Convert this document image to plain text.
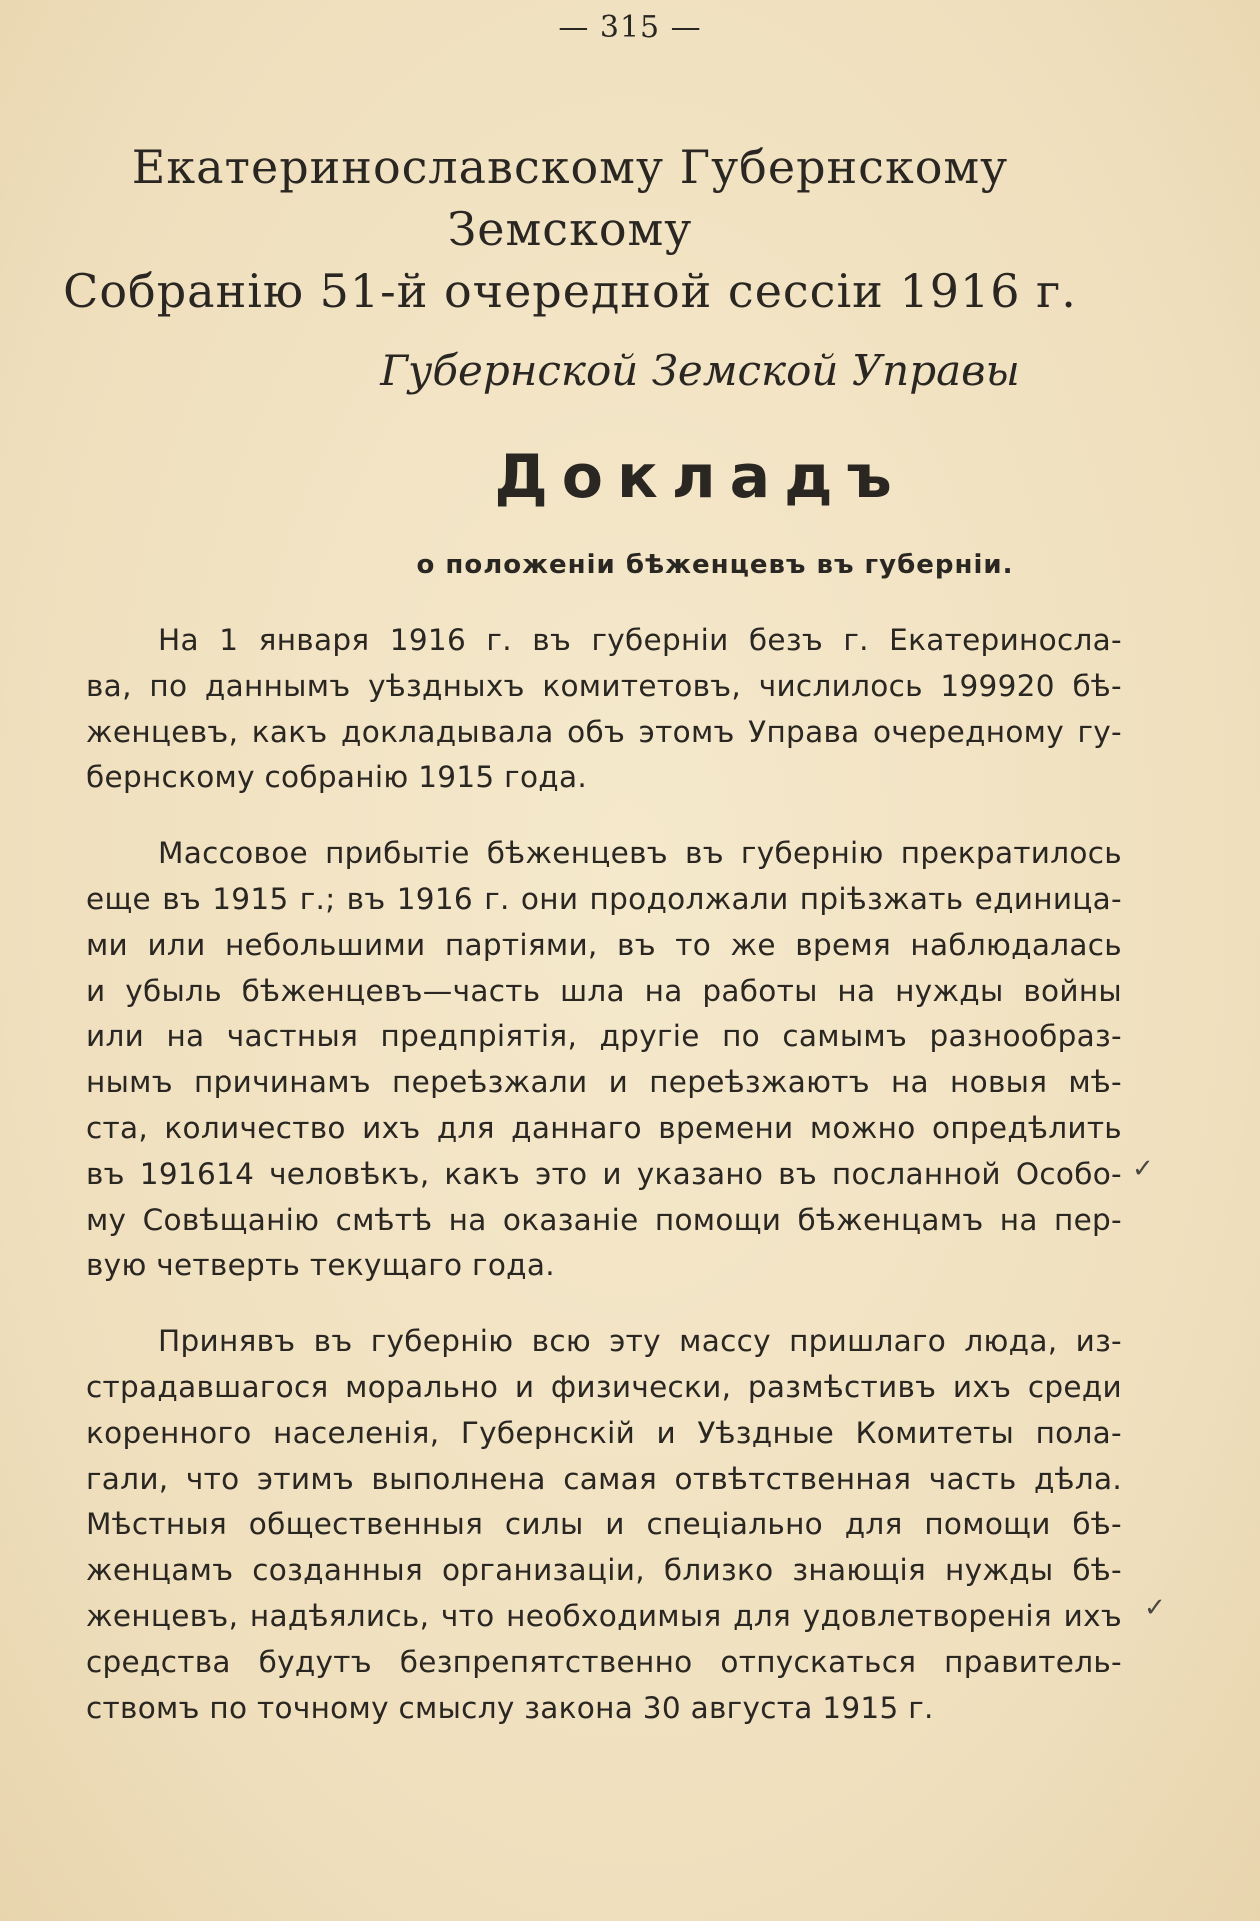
— 315 —
Екатеринославскому Губернскому Земскому
Собранію 51-й очередной сессіи 1916 г.
Губернской Земской Управы
Докладъ
о положеніи бѣженцевъ въ губерніи.

На 1 января 1916 г. въ губерніи безъ г. Екатеринoсла-
ва, по даннымъ уѣздныхъ комитетовъ, числилось 199920 бѣ-
женцевъ, какъ докладывала объ этомъ Управа очередному гу-
бернскому собранію 1915 года.

Массовое прибытіе бѣженцевъ въ губернію прекратилось
еще въ 1915 г.; въ 1916 г. они продолжали пріѣзжать единица-
ми или небольшими партіями, въ то же время наблюдалась
и убыль бѣженцевъ—часть шла на работы на нужды войны
или на частныя предпріятія, другіе по самымъ разнообраз-
нымъ причинамъ переѣзжали и переѣзжаютъ на новыя мѣ-
ста, количество ихъ для даннаго времени можно опредѣлить
въ 191614 человѣкъ, какъ это и указано въ посланной Особо-
му Совѣщанію смѣтѣ на оказаніе помощи бѣженцамъ на пер-
вую четверть текущаго года.

Принявъ въ губернію всю эту массу пришлаго люда, из-
страдавшагося морально и физически, размѣстивъ ихъ среди
коренного населенія, Губернскій и Уѣздные Комитеты пола-
гали, что этимъ выполнена самая отвѣтственная часть дѣла.
Мѣстныя общественныя силы и спеціально для помощи бѣ-
женцамъ созданныя организаціи, близко знающія нужды бѣ-
женцевъ, надѣялись, что необходимыя для удовлетворенія ихъ
средства будутъ безпрепятственно отпускаться правитель-
ствомъ по точному смыслу закона 30 августа 1915 г.

✓
✓
